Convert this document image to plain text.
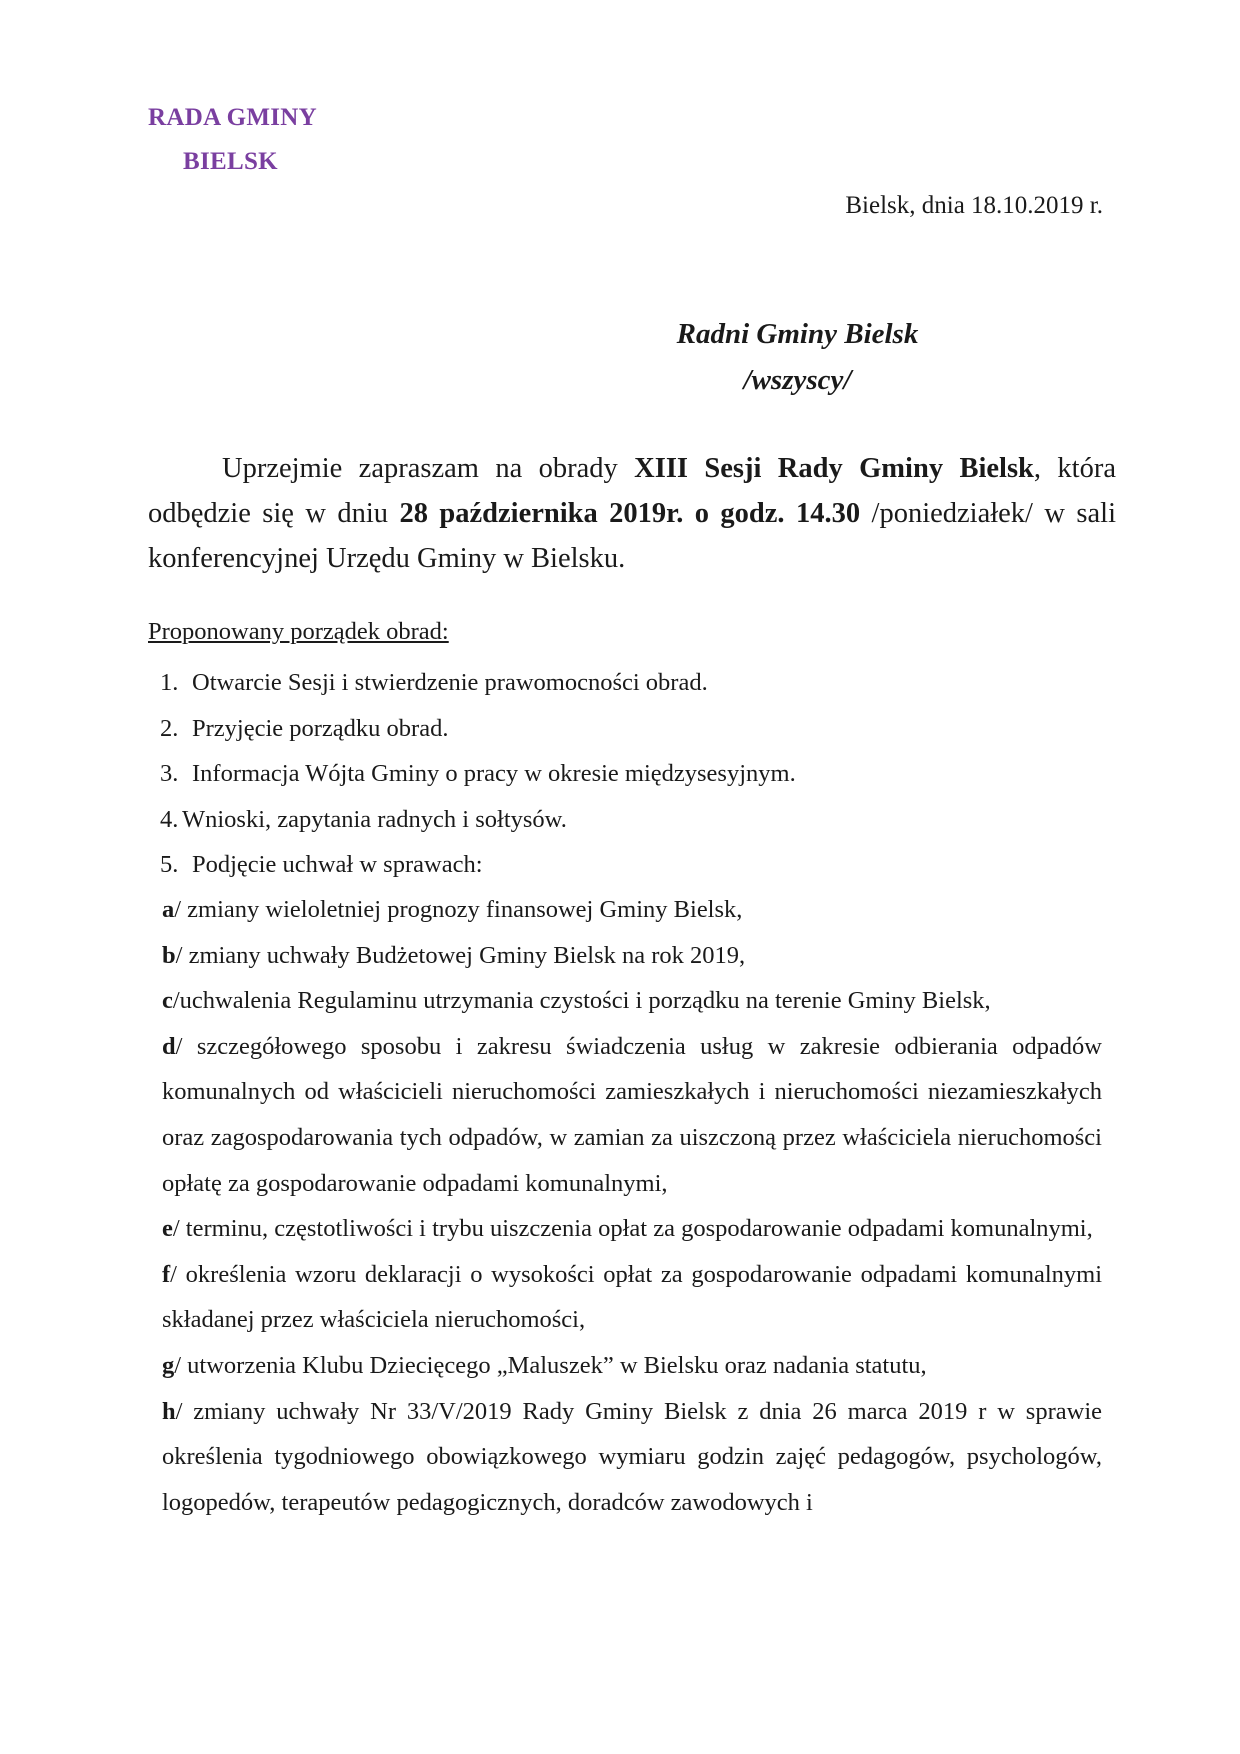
RADA GMINY
BIELSK
Bielsk, dnia 18.10.2019 r.
Radni Gminy Bielsk
/wszyscy/
Uprzejmie zapraszam na obrady XIII Sesji Rady Gminy Bielsk, która odbędzie się w dniu 28 października 2019r. o godz. 14.30 /poniedziałek/ w sali konferencyjnej Urzędu Gminy w Bielsku.
Proponowany porządek obrad:
1. Otwarcie Sesji i stwierdzenie prawomocności obrad.
2. Przyjęcie porządku obrad.
3. Informacja Wójta Gminy o pracy w okresie międzysesyjnym.
4. Wnioski, zapytania radnych i sołtysów.
5. Podjęcie uchwał w sprawach:
a/ zmiany wieloletniej prognozy finansowej Gminy Bielsk,
b/ zmiany uchwały Budżetowej Gminy Bielsk na rok 2019,
c/uchwalenia Regulaminu utrzymania czystości i porządku na terenie Gminy Bielsk,
d/ szczegółowego sposobu i zakresu świadczenia usług w zakresie odbierania odpadów komunalnych od właścicieli nieruchomości zamieszkałych i nieruchomości niezamieszkałych oraz zagospodarowania tych odpadów, w zamian za uiszczoną przez właściciela nieruchomości opłatę za gospodarowanie odpadami komunalnymi,
e/ terminu, częstotliwości i trybu uiszczenia opłat za gospodarowanie odpadami komunalnymi,
f/ określenia wzoru deklaracji o wysokości opłat za gospodarowanie odpadami komunalnymi składanej przez właściciela nieruchomości,
g/ utworzenia Klubu Dziecięcego „Maluszek” w Bielsku oraz nadania statutu,
h/ zmiany uchwały Nr 33/V/2019 Rady Gminy Bielsk z dnia 26 marca 2019 r w sprawie określenia tygodniowego obowiązkowego wymiaru godzin zajęć pedagogów, psychologów, logopedów, terapeutów pedagogicznych, doradców zawodowych i
